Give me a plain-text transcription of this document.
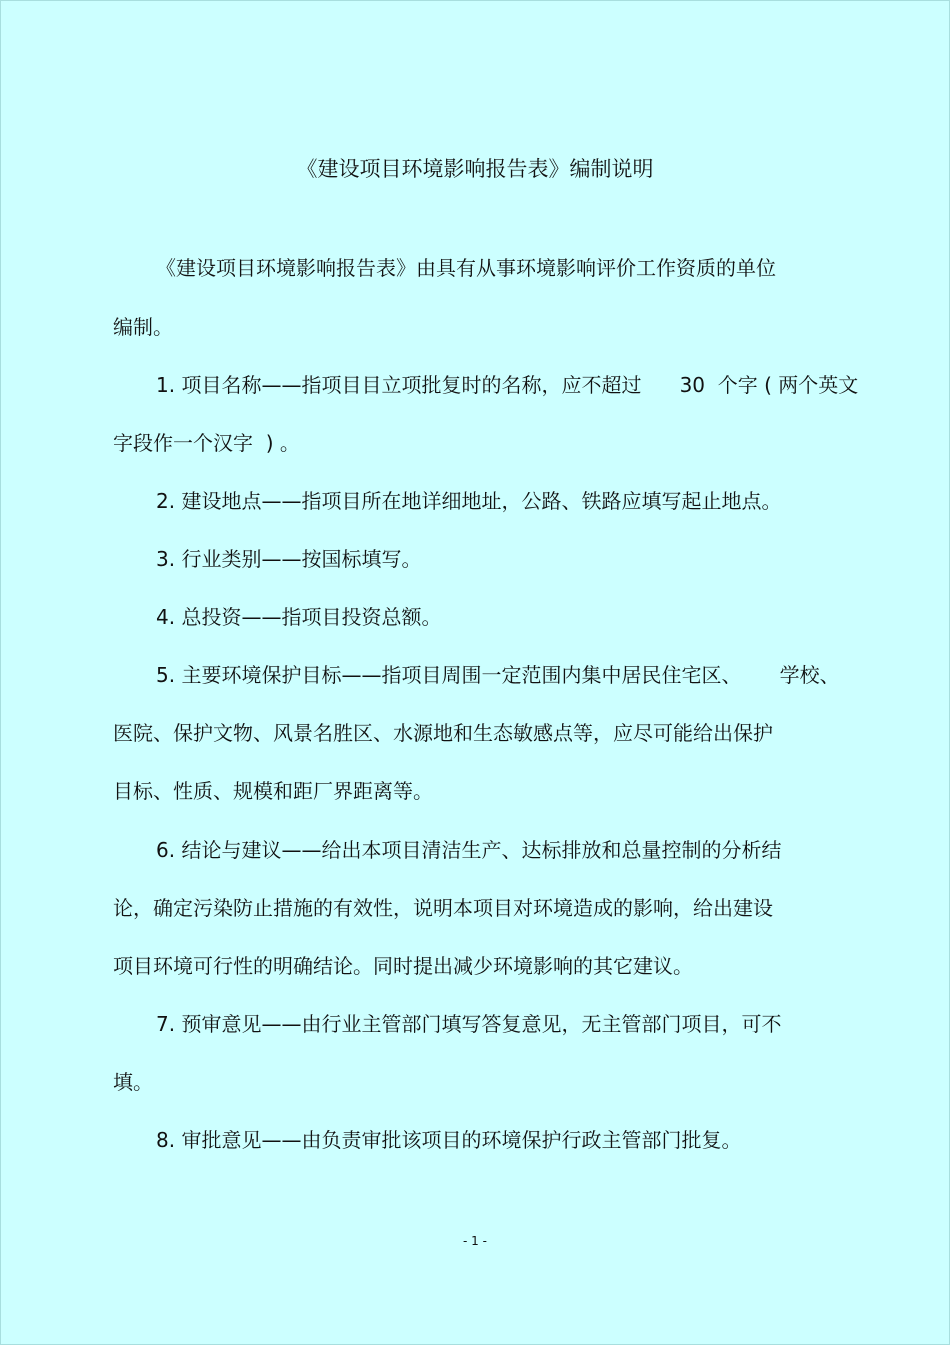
《建设项目环境影响报告表》编制说明

《建设项目环境影响报告表》由具有从事环境影响评价工作资质的单位

编制。

1. 项目名称——指项目目立项批复时的名称，应不超过      30  个字 ( 两个英文

字段作一个汉字  ) 。

2. 建设地点——指项目所在地详细地址，公路、铁路应填写起止地点。

3. 行业类别——按国标填写。

4. 总投资——指项目投资总额。

5. 主要环境保护目标——指项目周围一定范围内集中居民住宅区、      学校、

医院、保护文物、风景名胜区、水源地和生态敏感点等，应尽可能给出保护

目标、性质、规模和距厂界距离等。

6. 结论与建议——给出本项目清洁生产、达标排放和总量控制的分析结

论，确定污染防止措施的有效性，说明本项目对环境造成的影响，给出建设

项目环境可行性的明确结论。同时提出减少环境影响的其它建议。

7. 预审意见——由行业主管部门填写答复意见，无主管部门项目，可不

填。

8. 审批意见——由负责审批该项目的环境保护行政主管部门批复。

- 1 -
